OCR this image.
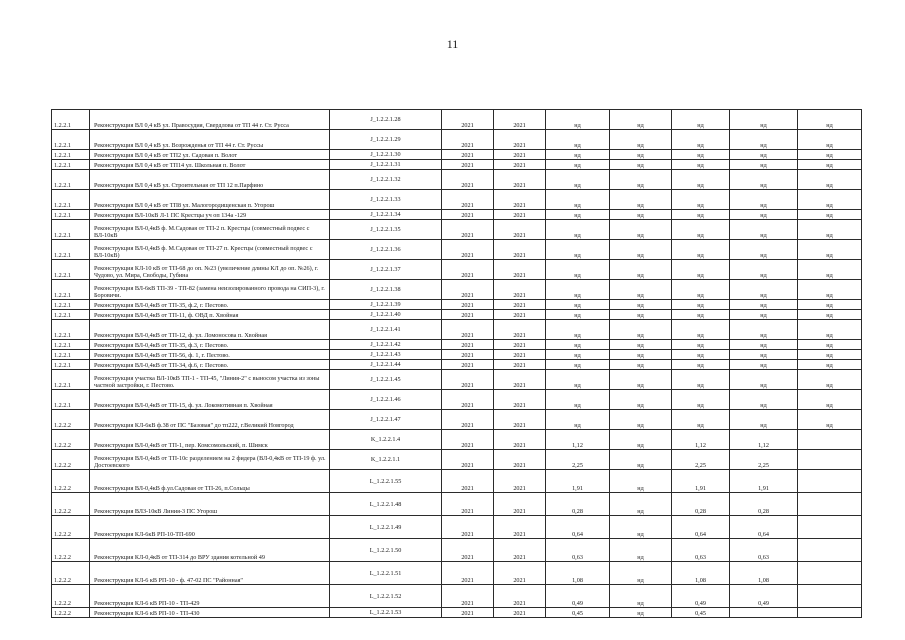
11
1.2.2.1	Реконструкция ВЛ 0,4 кВ ул. Правосудия, Свердлова от ТП 44 г. Ст. Русса	J_1.2.2.1.28	2021	2021	нд	нд	нд	нд	нд
1.2.2.1	Реконструкция ВЛ 0,4 кВ ул. Возрожденья от ТП 44 г. Ст. Руссы	J_1.2.2.1.29	2021	2021	нд	нд	нд	нд	нд
1.2.2.1	Реконструкция ВЛ 0,4 кВ от ТП2 ул. Садовая п. Волот	J_1.2.2.1.30	2021	2021	нд	нд	нд	нд	нд
1.2.2.1	Реконструкция ВЛ 0,4 кВ от ТП14 ул. Школьная п. Волот	J_1.2.2.1.31	2021	2021	нд	нд	нд	нд	нд
1.2.2.1	Реконструкция ВЛ 0,4 кВ ул. Строительная от ТП 12 п.Парфино	J_1.2.2.1.32	2021	2021	нд	нд	нд	нд	нд
1.2.2.1	Реконструкция ВЛ 0,4 кВ от ТП8 ул. Малогородищенская п. Угорош	J_1.2.2.1.33	2021	2021	нд	нд	нд	нд	нд
1.2.2.1	Реконструкция ВЛ-10кВ Л-1 ПС Крестцы уч оп 134а -129	J_1.2.2.1.34	2021	2021	нд	нд	нд	нд	нд
1.2.2.1	Реконструкция ВЛ-0,4кВ ф. М.Садовая от ТП-2 п. Крестцы (совместный подвес с ВЛ-10кВ	J_1.2.2.1.35	2021	2021	нд	нд	нд	нд	нд
1.2.2.1	Реконструкция ВЛ-0,4кВ ф. М.Садовая от ТП-27 п. Крестцы (совместный подвес с ВЛ-10кВ)	J_1.2.2.1.36	2021	2021	нд	нд	нд	нд	нд
1.2.2.1	Реконструкция КЛ-10 кВ от ТП-68 до оп. №23 (увеличение длины КЛ до оп. №26), г. Чудово, ул. Мира, Свободы, Губина	J_1.2.2.1.37	2021	2021	нд	нд	нд	нд	нд
1.2.2.1	Реконструкция ВЛ-6кВ ТП-39 - ТП-82 (замена неизолированного провода на СИП-3), г. Боровичи.	J_1.2.2.1.38	2021	2021	нд	нд	нд	нд	нд
1.2.2.1	Реконструкция ВЛ-0,4кВ от ТП-35, ф.2, г. Пестово.	J_1.2.2.1.39	2021	2021	нд	нд	нд	нд	нд
1.2.2.1	Реконструкция ВЛ-0,4кВ от ТП-11, ф. ОВД п. Хвойная	J_1.2.2.1.40	2021	2021	нд	нд	нд	нд	нд
1.2.2.1	Реконструкция ВЛ-0,4кВ от ТП-12, ф. ул. Ломоносова п. Хвойная	J_1.2.2.1.41	2021	2021	нд	нд	нд	нд	нд
1.2.2.1	Реконструкция ВЛ-0,4кВ от ТП-35, ф.3, г. Пестово.	J_1.2.2.1.42	2021	2021	нд	нд	нд	нд	нд
1.2.2.1	Реконструкция ВЛ-0,4кВ от ТП-56, ф. 1, г. Пестово.	J_1.2.2.1.43	2021	2021	нд	нд	нд	нд	нд
1.2.2.1	Реконструкция ВЛ-0,4кВ от ТП-34, ф.6, г. Пестово.	J_1.2.2.1.44	2021	2021	нд	нд	нд	нд	нд
1.2.2.1	Реконструкция участка ВЛ-10кВ ТП-1 - ТП-45, "Линия-2" с выносом участка из зоны частной застройки, г. Пестово.	J_1.2.2.1.45	2021	2021	нд	нд	нд	нд	нд
1.2.2.1	Реконструкция ВЛ-0,4кВ от ТП-15, ф. ул. Локомотивная п. Хвойная	J_1.2.2.1.46	2021	2021	нд	нд	нд	нд	нд
1.2.2.2	Реконструкция КЛ-6кВ ф.38 от ПС "Базовая" до тп222, г.Великий Новгород	J_1.2.2.1.47	2021	2021	нд	нд	нд	нд	нд
1.2.2.2	Реконструкция ВЛ-0,4кВ от ТП-1, пер. Комсомольский, п. Шимск	K_1.2.2.1.4	2021	2021	1,12	нд	1,12	1,12	
1.2.2.2	Реконструкция ВЛ-0,4кВ от ТП-10с разделением на 2 фидера (ВЛ-0,4кВ от ТП-19 ф. ул. Достоевского	K_1.2.2.1.1	2021	2021	2,25	нд	2,25	2,25	
1.2.2.2	Реконструкция ВЛ-0,4кВ ф.ул.Садовая от ТП-26, п.Сольцы	L_1.2.2.1.55	2021	2021	1,91	нд	1,91	1,91	
1.2.2.2	Реконструкция ВЛЗ-10кВ Линия-3 ПС Угорош	L_1.2.2.1.48	2021	2021	0,28	нд	0,28	0,28	
1.2.2.2	Реконструкция КЛ-6кВ РП-10-ТП-690	L_1.2.2.1.49	2021	2021	0,64	нд	0,64	0,64	
1.2.2.2	Реконструкция КЛ-0,4кВ от ТП-314 до ВРУ здания котельной 49	L_1.2.2.1.50	2021	2021	0,63	нд	0,63	0,63	
1.2.2.2	Реконструкция КЛ-6 кВ РП-10 - ф. 47-02 ПС "Районная"	L_1.2.2.1.51	2021	2021	1,08	нд	1,08	1,08	
1.2.2.2	Реконструкция КЛ-6 кВ РП-10 - ТП-429	L_1.2.2.1.52	2021	2021	0,49	нд	0,49	0,49	
1.2.2.2	Реконструкция КЛ-6 кВ РП-10 - ТП-430	L_1.2.2.1.53	2021	2021	0,45	нд	0,45		
